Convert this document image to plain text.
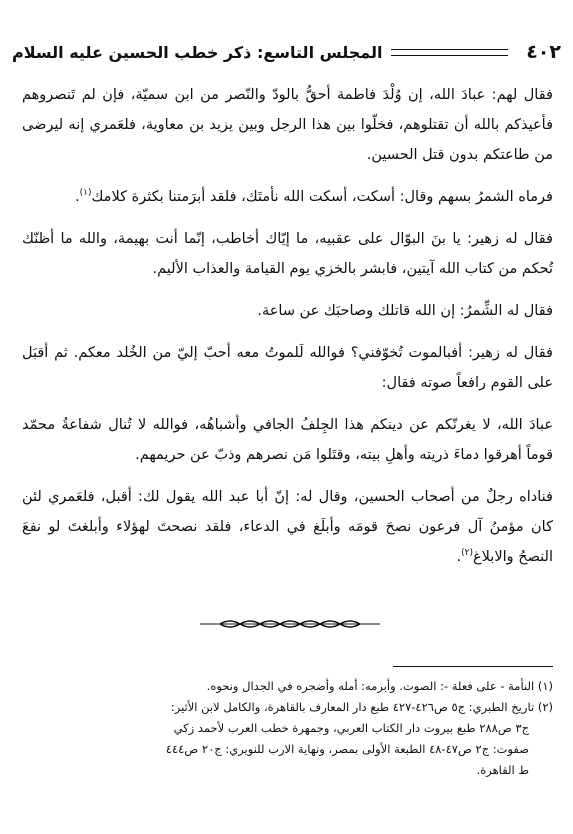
٤٠٢
المجلس التاسع: ذكر خطب الحسين عليه السلام

فقال لهم: عبادَ الله، إن وُلْدَ فاطمة أحقُّ بالودّ والنّصر من ابن سميّة، فإن لم تَنصروهم فأعيذكم بالله أن تقتلوهم، فخلّوا بين هذا الرجل وبين يزيد بن معاوية، فلعَمري إنه ليرضى من طاعتكم بدون قتل الحسين.

فرماه الشمرُ بسهم وقال: أسكت، أسكت الله نأمتَك، فلقد أبرَمتنا بكثرة كلامك$^{(١)}$.

فقال له زهير: يا بنَ البوّال على عقبيه، ما إيّاك أخاطب، إنّما أنت بهيمة، والله ما أظنّك تُحكم من كتاب الله آيتين، فابشر بالخزي يوم القيامة والعذاب الأليم.

فقال له الشِّمرُ: إن الله قاتلك وصاحبَك عن ساعة.

فقال له زهير: أفبالموت تُخوّفني؟ فوالله لَلموتُ معه أحبّ إليّ من الخُلد معكم. ثم أقبَل على القوم رافعاً صوته فقال:

عبادَ الله، لا يغرنّكم عن دينكم هذا الجِلفُ الجافي وأشباهُه، فوالله لا تُنال شفاعةُ محمّد قوماً أهرقوا دماءَ ذريته وأهلِ بيته، وقتَلوا مَن نصرهم وذبّ عن حريمهم.

فناداه رجلٌ من أصحاب الحسين، وقال له: إنّ أبا عبد الله يقول لك: أقبل، فلعَمري لئن كان مؤمنُ آل فرعون نصحَ قومَه وأبلَغ في الدعاء، فلقد نصحتَ لهؤلاء وأبلغتَ لو نفعَ النصحُ والابلاغ$^{(٢)}$.

(١) النأمة - على فعلة -: الصوت. وأبرمه: أمله وأضجره في الجدال ونحوه.

(٢) تاريخ الطبري: ج٥ ص٤٢٦-٤٢٧ طبع دار المعارف بالقاهرة، والكامل لابن الأثير:

ج٣ ص٢٨٨ طبع بيروت دار الكتاب العربي، وجمهرة خطب العرب لأحمد زكي

صفوت: ج٢ ص٤٧-٤٨ الطبعة الأولى بمصر، ونهاية الارب للنويري: ج٢٠ ص٤٤٤

ط القاهرة.
